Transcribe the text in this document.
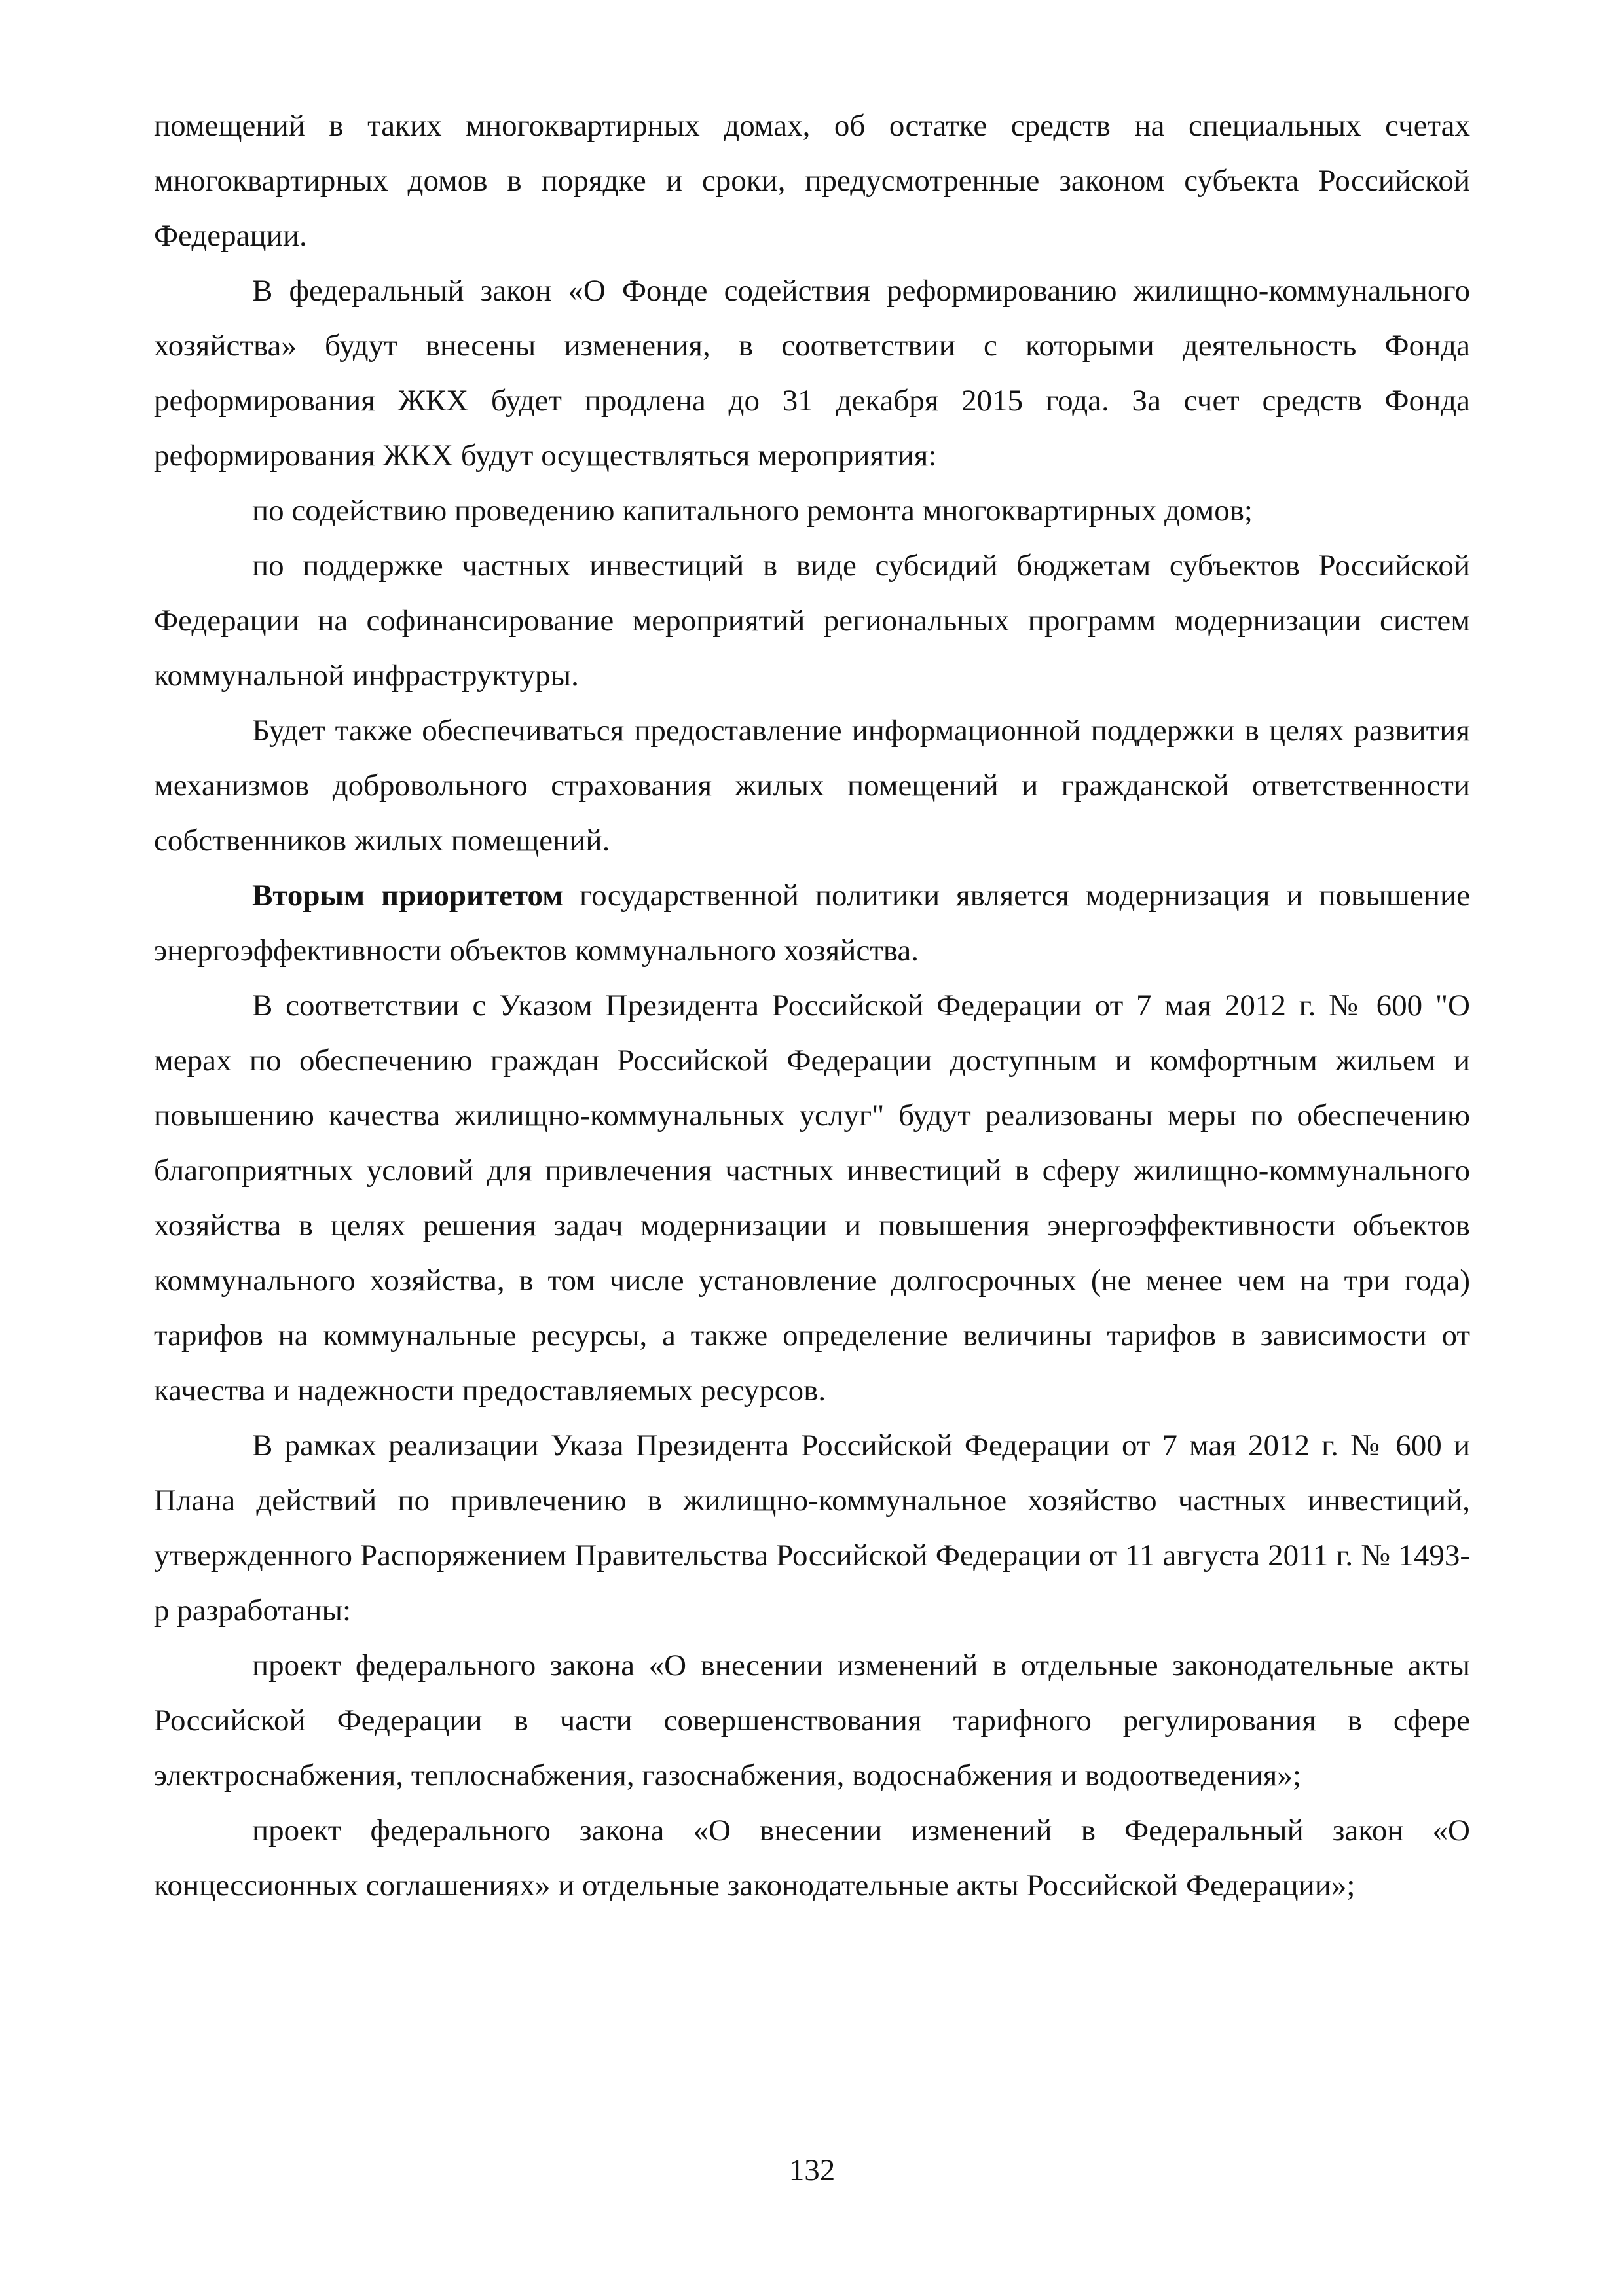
помещений в таких многоквартирных домах, об остатке средств на специальных счетах многоквартирных домов в порядке и сроки, предусмотренные законом субъекта Российской Федерации.

В федеральный закон «О Фонде содействия реформированию жилищно-коммунального хозяйства» будут внесены изменения, в соответствии с которыми деятельность Фонда реформирования ЖКХ будет продлена до 31 декабря 2015 года. За счет средств Фонда реформирования ЖКХ будут осуществляться мероприятия:

по содействию проведению капитального ремонта многоквартирных домов;

по поддержке частных инвестиций в виде субсидий бюджетам субъектов Российской Федерации на софинансирование мероприятий региональных программ модернизации систем коммунальной инфраструктуры.

Будет также обеспечиваться предоставление информационной поддержки в целях развития механизмов добровольного страхования жилых помещений и гражданской ответственности собственников жилых помещений.

Вторым приоритетом государственной политики является модернизация и повышение энергоэффективности объектов коммунального хозяйства.

В соответствии с Указом Президента Российской Федерации от 7 мая 2012 г. № 600 "О мерах по обеспечению граждан Российской Федерации доступным и комфортным жильем и повышению качества жилищно-коммунальных услуг" будут реализованы меры по обеспечению благоприятных условий для привлечения частных инвестиций в сферу жилищно-коммунального хозяйства в целях решения задач модернизации и повышения энергоэффективности объектов коммунального хозяйства, в том числе установление долгосрочных (не менее чем на три года) тарифов на коммунальные ресурсы, а также определение величины тарифов в зависимости от качества и надежности предоставляемых ресурсов.

В рамках реализации Указа Президента Российской Федерации от 7 мая 2012 г. № 600 и Плана действий по привлечению в жилищно-коммунальное хозяйство частных инвестиций, утвержденного Распоряжением Правительства Российской Федерации от 11 августа 2011 г. № 1493-р разработаны:

проект федерального закона «О внесении изменений в отдельные законодательные акты Российской Федерации в части совершенствования тарифного регулирования в сфере электроснабжения, теплоснабжения, газоснабжения, водоснабжения и водоотведения»;

проект федерального закона «О внесении изменений в Федеральный закон «О концессионных соглашениях» и отдельные законодательные акты Российской Федерации»;

132
